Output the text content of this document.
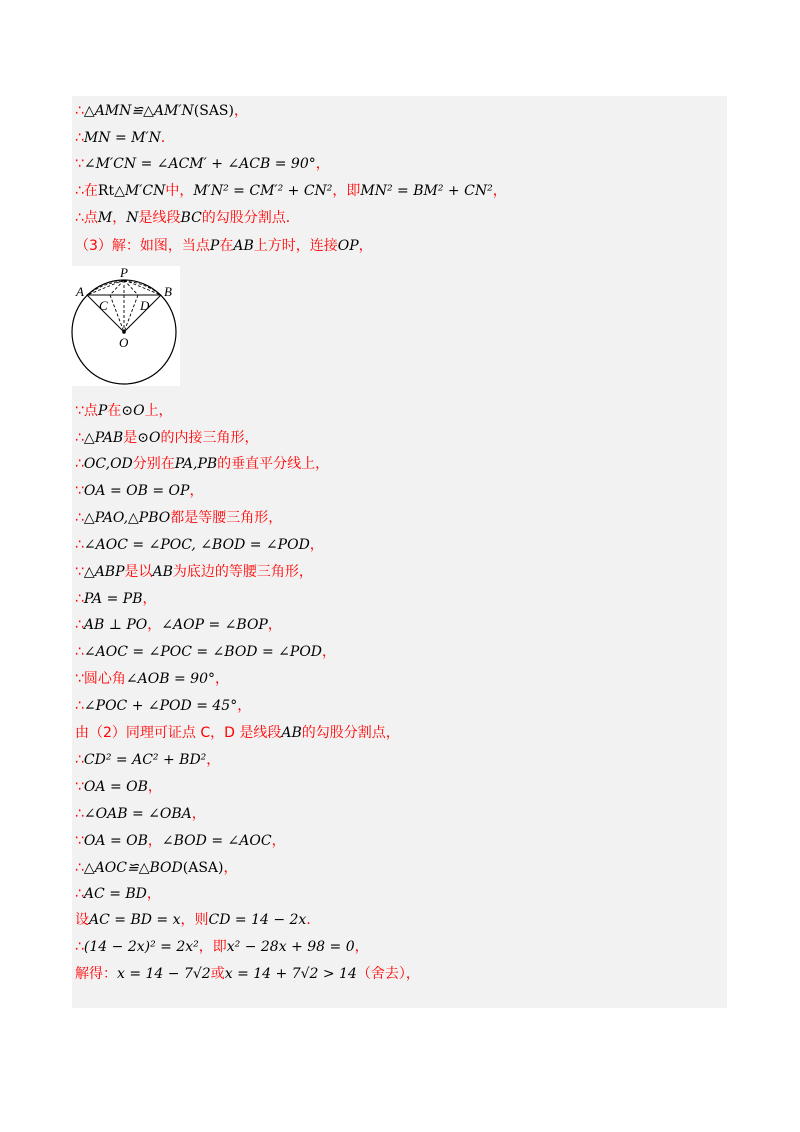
∴△AMN≌△AM′N(SAS)，
∴MN = M′N．
∵∠M′CN = ∠ACM′ + ∠ACB = 90°，
∴在Rt△M′CN中，M′N² = CM′² + CN²，即MN² = BM² + CN²，
∴点M，N是线段BC的勾股分割点．
（3）解：如图，当点P在AB上方时，连接OP，
∵点P在⊙O上，
∴△PAB是⊙O的内接三角形，
∴OC,OD分别在PA,PB的垂直平分线上，
∵OA = OB = OP，
∴△PAO,△PBO都是等腰三角形，
∴∠AOC = ∠POC, ∠BOD = ∠POD，
∵△ABP是以AB为底边的等腰三角形，
∴PA = PB，
∴AB ⊥ PO，∠AOP = ∠BOP，
∴∠AOC = ∠POC = ∠BOD = ∠POD，
∵圆心角∠AOB = 90°，
∴∠POC + ∠POD = 45°，
由（2）同理可证点 C，D 是线段AB的勾股分割点，
∴CD² = AC² + BD²，
∵OA = OB，
∴∠OAB = ∠OBA，
∵OA = OB，∠BOD = ∠AOC，
∴△AOC≌△BOD(ASA)，
∴AC = BD，
设AC = BD = x，则CD = 14 − 2x．
∴(14 − 2x)² = 2x²，即x² − 28x + 98 = 0，
解得：x = 14 − 7√2或x = 14 + 7√2 > 14（舍去），
P
A	B
C D
O
